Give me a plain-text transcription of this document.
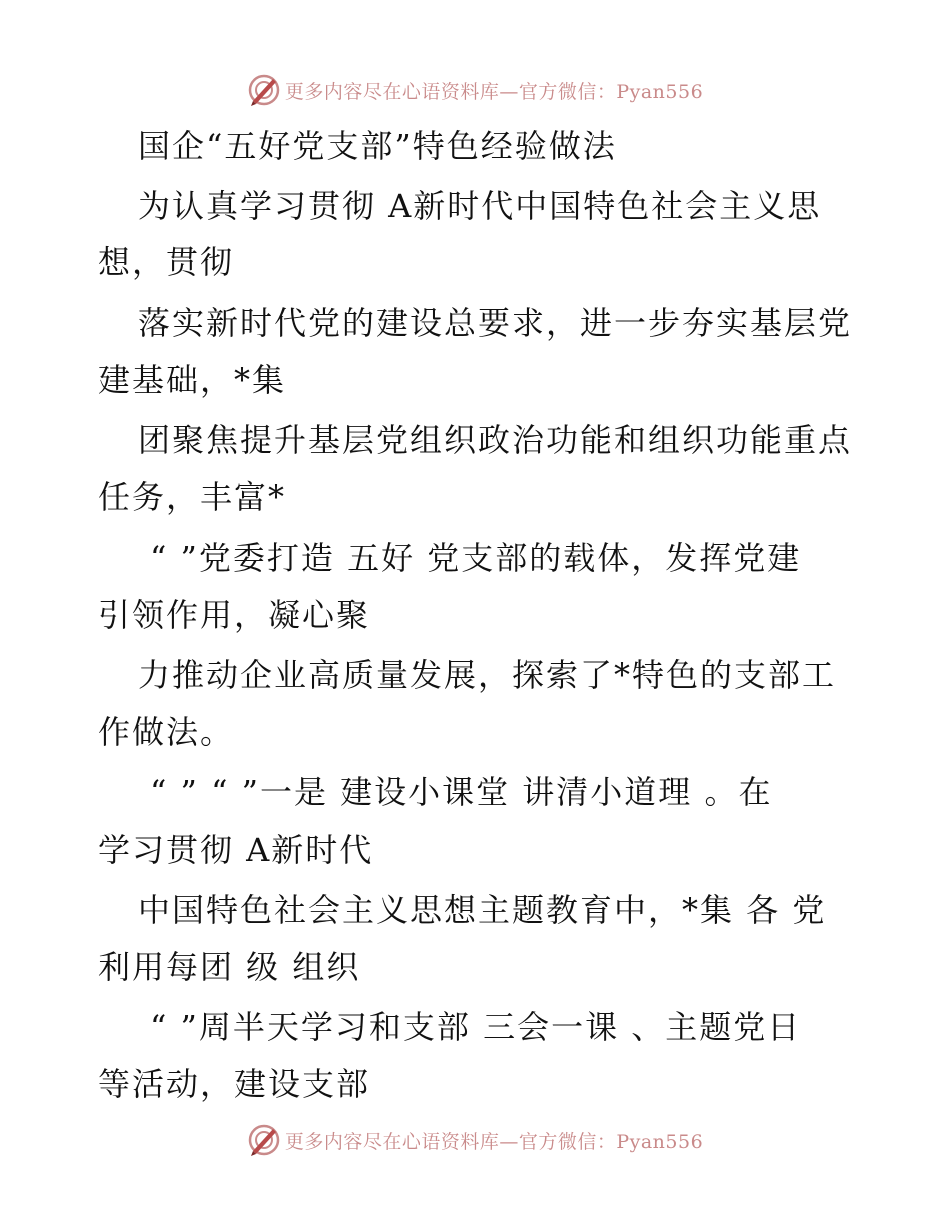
更多内容尽在心语资料库—官方微信：Pyan556
国企“五好党支部”特色经验做法
为认真学习贯彻 A新时代中国特色社会主义思
想，贯彻
落实新时代党的建设总要求，进一步夯实基层党
建基础，*集
团聚焦提升基层党组织政治功能和组织功能重点
任务，丰富*
“ ”党委打造 五好 党支部的载体，发挥党建
引领作用，凝心聚
力推动企业高质量发展，探索了*特色的支部工
作做法。
“ ” “ ”一是 建设小课堂 讲清小道理 。在
学习贯彻 A新时代
中国特色社会主义思想主题教育中，*集 各 党
利用每团 级 组织
“ ”周半天学习和支部 三会一课 、主题党日
等活动，建设支部
更多内容尽在心语资料库—官方微信：Pyan556
